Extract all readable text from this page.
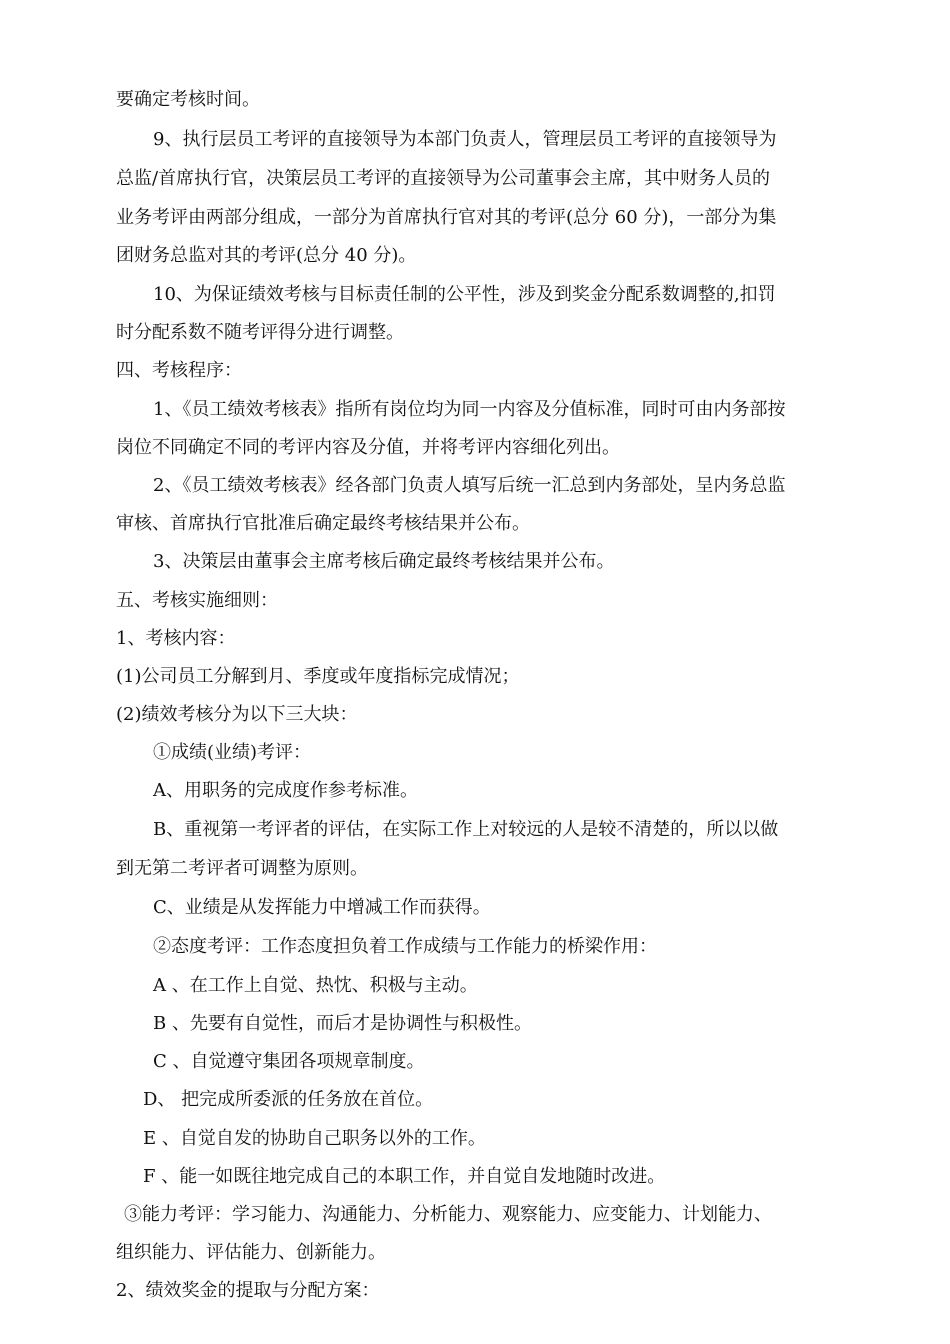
要确定考核时间。
9、执行层员工考评的直接领导为本部门负责人，管理层员工考评的直接领导为
总监/首席执行官，决策层员工考评的直接领导为公司董事会主席，其中财务人员的
业务考评由两部分组成，一部分为首席执行官对其的考评(总分 60 分)，一部分为集
团财务总监对其的考评(总分 40 分)。
10、为保证绩效考核与目标责任制的公平性，涉及到奖金分配系数调整的,扣罚
时分配系数不随考评得分进行调整。
四、考核程序：
1、《员工绩效考核表》指所有岗位均为同一内容及分值标准，同时可由内务部按
岗位不同确定不同的考评内容及分值，并将考评内容细化列出。
2、《员工绩效考核表》经各部门负责人填写后统一汇总到内务部处，呈内务总监
审核、首席执行官批准后确定最终考核结果并公布。
3、决策层由董事会主席考核后确定最终考核结果并公布。
五、考核实施细则：
1、考核内容：
(1)公司员工分解到月、季度或年度指标完成情况；
(2)绩效考核分为以下三大块：
①成绩(业绩)考评：
A、用职务的完成度作参考标准。
B、重视第一考评者的评估，在实际工作上对较远的人是较不清楚的，所以以做
到无第二考评者可调整为原则。
C、业绩是从发挥能力中增减工作而获得。
②态度考评：工作态度担负着工作成绩与工作能力的桥梁作用：
A 、在工作上自觉、热忱、积极与主动。
B 、先要有自觉性，而后才是协调性与积极性。
C 、自觉遵守集团各项规章制度。
D、 把完成所委派的任务放在首位。
E 、自觉自发的协助自己职务以外的工作。
F 、能一如既往地完成自己的本职工作，并自觉自发地随时改进。
③能力考评：学习能力、沟通能力、分析能力、观察能力、应变能力、计划能力、
组织能力、评估能力、创新能力。
2、绩效奖金的提取与分配方案：
